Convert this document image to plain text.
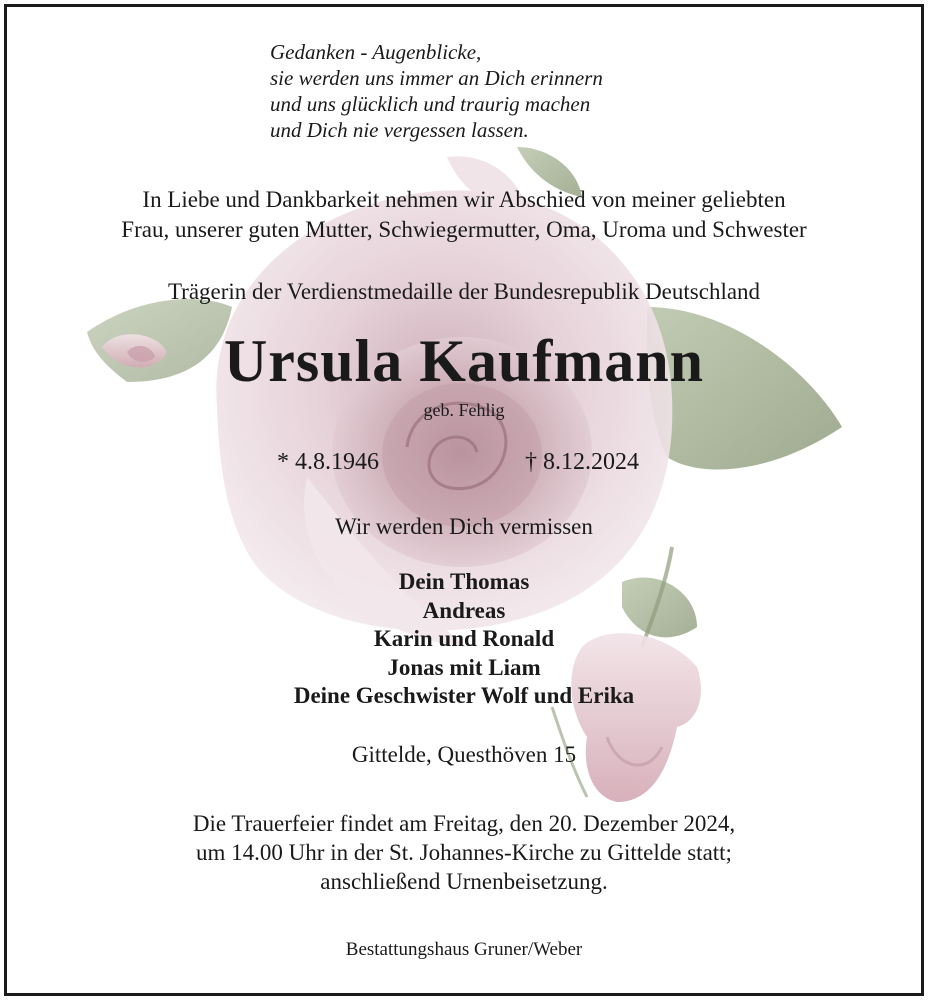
Gedanken - Augenblicke,
sie werden uns immer an Dich erinnern
und uns glücklich und traurig machen
und Dich nie vergessen lassen.
In Liebe und Dankbarkeit nehmen wir Abschied von meiner geliebten
Frau, unserer guten Mutter, Schwiegermutter, Oma, Uroma und Schwester
Trägerin der Verdienstmedaille der Bundesrepublik Deutschland
Ursula Kaufmann
geb. Fehlig
* 4.8.1946	† 8.12.2024
Wir werden Dich vermissen
Dein Thomas
Andreas
Karin und Ronald
Jonas mit Liam
Deine Geschwister Wolf und Erika
Gittelde, Questhöven 15
Die Trauerfeier findet am Freitag, den 20. Dezember 2024,
um 14.00 Uhr in der St. Johannes-Kirche zu Gittelde statt;
anschließend Urnenbeisetzung.
Bestattungshaus Gruner/Weber
